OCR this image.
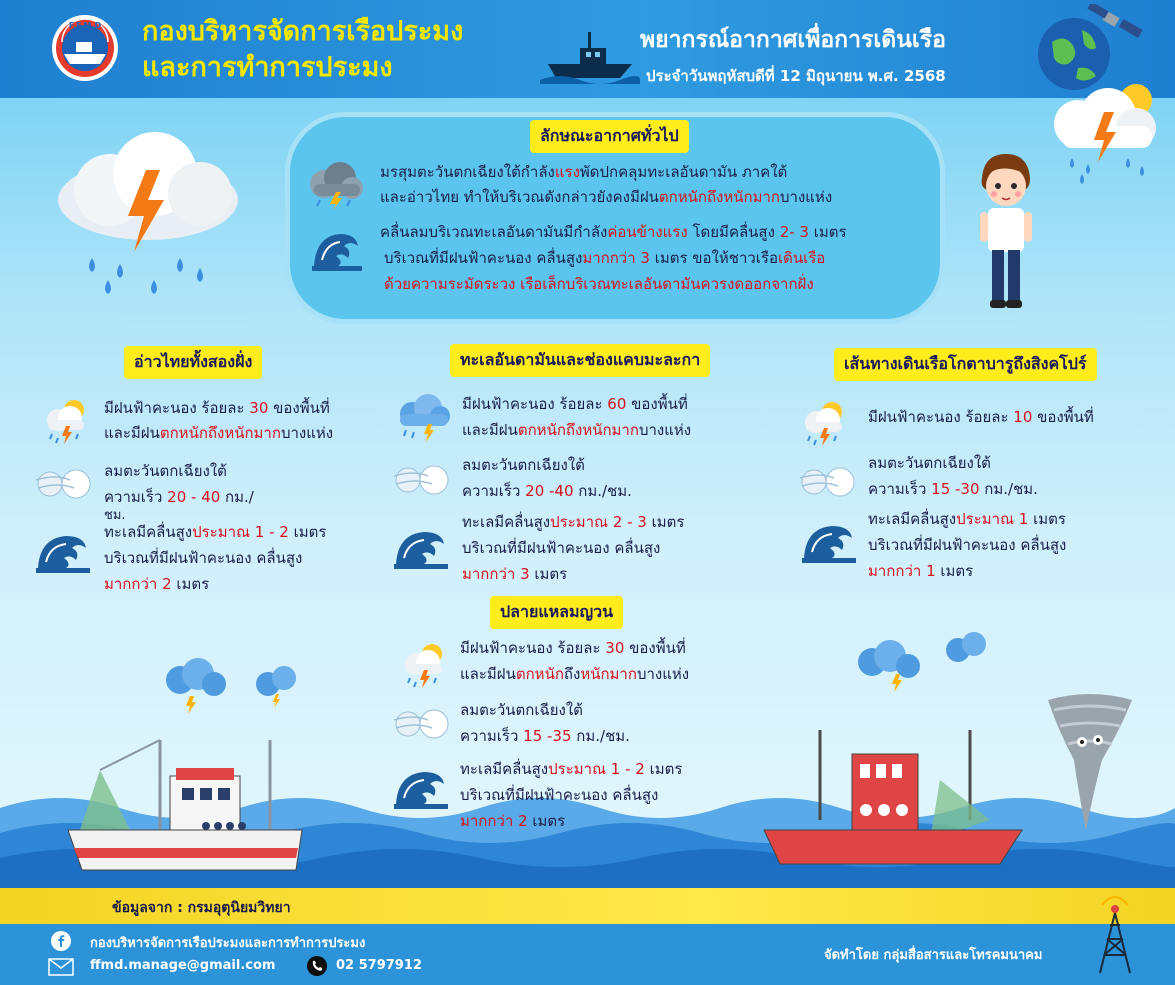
F.F.M.D กองบริหารจัดการเรือประมง
และการทำการประมง
พยากรณ์อากาศเพื่อการเดินเรือ
ประจำวันพฤหัสบดีที่ 12 มิถุนายน พ.ศ. 2568
ลักษณะอากาศทั่วไป
มรสุมตะวันตกเฉียงใต้กำลังแรงพัดปกคลุมทะเลอันดามัน ภาคใต้
และอ่าวไทย ทำให้บริเวณดังกล่าวยังคงมีฝนตกหนักถึงหนักมากบางแห่ง
คลื่นลมบริเวณทะเลอันดามันมีกำลังค่อนข้างแรง โดยมีคลื่นสูง 2- 3 เมตร
บริเวณที่มีฝนฟ้าคะนอง คลื่นสูงมากกว่า 3 เมตร ขอให้ชาวเรือเดินเรือ
ด้วยความระมัดระวง เรือเล็กบริเวณทะเลอันดามันควรงดออกจากฝั่ง
อ่าวไทยทั้งสองฝั่ง
มีฝนฟ้าคะนอง ร้อยละ 30 ของพื้นที่
และมีฝนตกหนักถึงหนักมากบางแห่ง
ลมตะวันตกเฉียงใต้
ความเร็ว 20 - 40 กม./
ชม.
ทะเลมีคลื่นสูงประมาณ 1 - 2 เมตร
บริเวณที่มีฝนฟ้าคะนอง คลื่นสูง
มากกว่า 2 เมตร
ทะเลอันดามันและช่องแคบมะละกา
มีฝนฟ้าคะนอง ร้อยละ 60 ของพื้นที่
และมีฝนตกหนักถึงหนักมากบางแห่ง
ลมตะวันตกเฉียงใต้
ความเร็ว 20 -40 กม./ชม.
ทะเลมีคลื่นสูงประมาณ 2 - 3 เมตร
บริเวณที่มีฝนฟ้าคะนอง คลื่นสูง
มากกว่า 3 เมตร
เส้นทางเดินเรือโกตาบารูถึงสิงคโปร์
มีฝนฟ้าคะนอง ร้อยละ 10 ของพื้นที่
ลมตะวันตกเฉียงใต้
ความเร็ว 15 -30 กม./ชม.
ทะเลมีคลื่นสูงประมาณ 1 เมตร
บริเวณที่มีฝนฟ้าคะนอง คลื่นสูง
มากกว่า 1 เมตร
ปลายแหลมญวน
มีฝนฟ้าคะนอง ร้อยละ 30 ของพื้นที่
และมีฝนตกหนักถึงหนักมากบางแห่ง
ลมตะวันตกเฉียงใต้
ความเร็ว 15 -35 กม./ชม.
ทะเลมีคลื่นสูงประมาณ 1 - 2 เมตร
บริเวณที่มีฝนฟ้าคะนอง คลื่นสูง
มากกว่า 2 เมตร
ข้อมูลจาก : กรมอุตุนิยมวิทยา
กองบริหารจัดการเรือประมงและการทำการประมง
ffmd.manage@gmail.com	02 5797912
จัดทำโดย กลุ่มสื่อสารและโทรคมนาคม
